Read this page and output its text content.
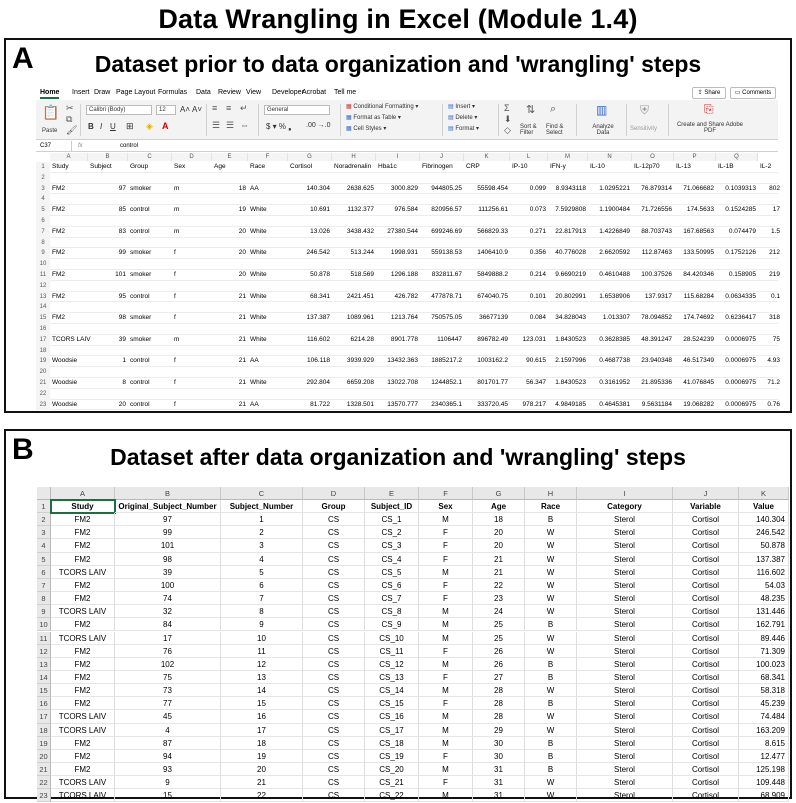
Data Wrangling in Excel (Module 1.4)
A	Dataset prior to data organization and 'wrangling' steps
⇪ Share	▭ Comments
Home Insert Draw Page Layout Formulas Data Review View Developer
Acrobat Tell me
📋
Paste
✂
⧉
🖌
Calibri (Body)	12	A˄ A˅
B I U ⊞ ◈ A
≡ ≡ ↵
☰ ☰ ⇔
General
$ ▾ % ❟ .00 →.0
▦ Conditional Formatting ▾
▦ Format as Table ▾
▦ Cell Styles ▾
▤ Insert ▾
▤ Delete ▾
▤ Format ▾
Σ
⬇
◇
⇅
Sort & Filter
⌕
Find & Select
▥
Analyze Data
⛨
Sensitivity
⎘
Create and Share Adobe PDF
C37	fx	control
A	B	C	D	E	F	G	H	I	J	K	L	M	N	O	P	Q
1
2
3
4
5
6
7
8
9
10
11
12
13
14
15
16
17
18
19
20
21
22
23
Study	Subject	Group	Sex	Age	Race	Cortisol	Noradrenalin	Hba1c	Fibrinogen	CRP	IP-10	IFN-y	IL-10	IL-12p70	IL-13	IL-1B	IL-2
FM2	97 smoker	m	18 AA	140.304	2638.625	3000.829	944805.25	55598.454	0.099	8.9343118	1.0295221	76.879314	71.066682	0.1039313	802
FM2	85 control	m	19 White	10.691	1132.377	976.584	820956.57	111256.61	0.073	7.5929808	1.1900484	71.726556	174.5633	0.1524285	17
FM2	83 control	m	20 White	13.026	3438.432	27380.544	699246.69	566829.33	0.271	22.817913	1.4226849	88.703743	167.68563	0.074479	1.5
FM2	99 smoker	f	20 White	246.542	513.244	1998.931	559138.53	1406410.9	0.356	40.776028	2.6620592	112.87463	133.50995	0.1752126	212
FM2	101 smoker	f	20 White	50.878	518.569	1296.188	832811.67	5849888.2	0.214	9.6690219	0.4610488	100.37526	84.420346	0.158905	219
FM2	95 control	f	21 White	68.341	2421.451	426.782	477878.71	674040.75	0.101	20.802991	1.6538906	137.9317	115.68284	0.0634335	0.1
FM2	98 smoker	f	21 White	137.387	1089.961	1213.764	750575.05	36677139	0.084	34.828043	1.013307	78.094852	174.74692	0.6236417	318
TCORS LAIV	39 smoker	m	21 White	116.602	6214.28	8901.778	1106447	896782.49	123.031	1.8430523	0.3628385	48.391247	28.524239	0.0006975	75
Woodsie	1 control	f	21 AA	106.118	3939.929	13432.363	1885217.2	1003162.2	90.615	2.1597996	0.4687738	23.940348	46.517349	0.0006975	4.93
Woodsie	8 control	f	21 White	292.804	6659.208	13022.708	1244852.1	801701.77	56.347	1.8430523	0.3161952	21.895336	41.076845	0.0006975	71.2
Woodsie	20 control	f	21 AA	81.722	1328.501	13570.777	2340365.1	333720.45	978.217	4.9849185	0.4645381	9.5631184	19.068282	0.0006975	0.76
B	Dataset after data organization and 'wrangling' steps
A	B	C	D	E	F	G	H	I	J	K
1
2
3
4
5
6
7
8
9
10
11
12
13
14
15
16
17
18
19
20
21
22
23
Study	Original_Subject_Number	Subject_Number	Group	Subject_ID	Sex	Age	Race	Category	Variable	Value
FM2	97	1	CS	CS_1	M	18	B	Sterol	Cortisol	140.304
FM2	99	2	CS	CS_2	F	20	W	Sterol	Cortisol	246.542
FM2	101	3	CS	CS_3	F	20	W	Sterol	Cortisol	50.878
FM2	98	4	CS	CS_4	F	21	W	Sterol	Cortisol	137.387
TCORS LAIV	39	5	CS	CS_5	M	21	W	Sterol	Cortisol	116.602
FM2	100	6	CS	CS_6	F	22	W	Sterol	Cortisol	54.03
FM2	74	7	CS	CS_7	F	23	W	Sterol	Cortisol	48.235
TCORS LAIV	32	8	CS	CS_8	M	24	W	Sterol	Cortisol	131.446
FM2	84	9	CS	CS_9	M	25	B	Sterol	Cortisol	162.791
TCORS LAIV	17	10	CS	CS_10	M	25	W	Sterol	Cortisol	89.446
FM2	76	11	CS	CS_11	F	26	W	Sterol	Cortisol	71.309
FM2	102	12	CS	CS_12	M	26	B	Sterol	Cortisol	100.023
FM2	75	13	CS	CS_13	F	27	B	Sterol	Cortisol	68.341
FM2	73	14	CS	CS_14	M	28	W	Sterol	Cortisol	58.318
FM2	77	15	CS	CS_15	F	28	B	Sterol	Cortisol	45.239
TCORS LAIV	45	16	CS	CS_16	M	28	W	Sterol	Cortisol	74.484
TCORS LAIV	4	17	CS	CS_17	M	29	W	Sterol	Cortisol	163.209
FM2	87	18	CS	CS_18	M	30	B	Sterol	Cortisol	8.615
FM2	94	19	CS	CS_19	F	30	B	Sterol	Cortisol	12.477
FM2	93	20	CS	CS_20	M	31	B	Sterol	Cortisol	125.198
TCORS LAIV	9	21	CS	CS_21	F	31	W	Sterol	Cortisol	109.448
TCORS LAIV	15	22	CS	CS_22	M	31	W	Sterol	Cortisol	68.909
